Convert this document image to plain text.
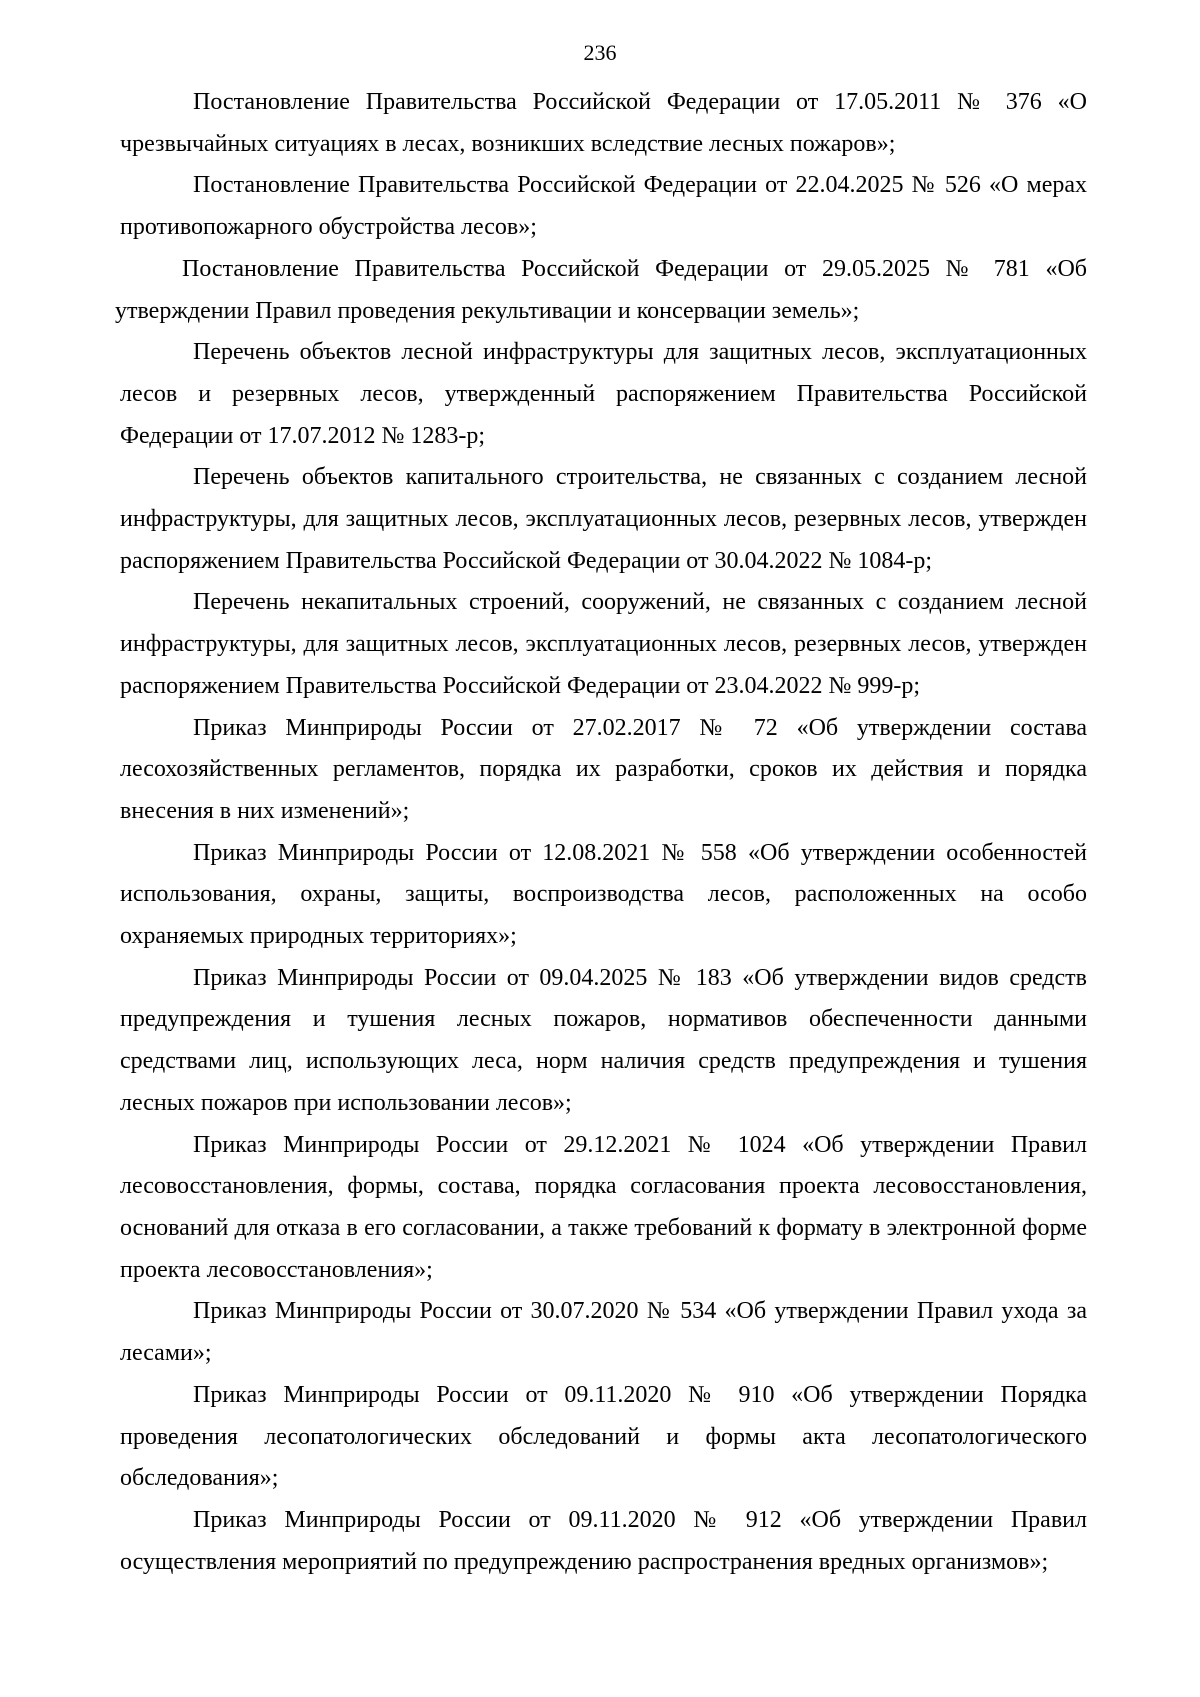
236

Постановление Правительства Российской Федерации от 17.05.2011 № 376 «О чрезвычайных ситуациях в лесах, возникших вследствие лесных пожаров»;

Постановление Правительства Российской Федерации от 22.04.2025 № 526 «О мерах противопожарного обустройства лесов»;

Постановление Правительства Российской Федерации от 29.05.2025 № 781 «Об утверждении Правил проведения рекультивации и консервации земель»;

Перечень объектов лесной инфраструктуры для защитных лесов, эксплуатационных лесов и резервных лесов, утвержденный распоряжением Правительства Российской Федерации от 17.07.2012 № 1283-р;

Перечень объектов капитального строительства, не связанных с созданием лесной инфраструктуры, для защитных лесов, эксплуатационных лесов, резервных лесов, утвержден распоряжением Правительства Российской Федерации от 30.04.2022 № 1084-р;

Перечень некапитальных строений, сооружений, не связанных с созданием лесной инфраструктуры, для защитных лесов, эксплуатационных лесов, резервных лесов, утвержден распоряжением Правительства Российской Федерации от 23.04.2022 № 999-р;

Приказ Минприроды России от 27.02.2017 № 72 «Об утверждении состава лесохозяйственных регламентов, порядка их разработки, сроков их действия и порядка внесения в них изменений»;

Приказ Минприроды России от 12.08.2021 № 558 «Об утверждении особенностей использования, охраны, защиты, воспроизводства лесов, расположенных на особо охраняемых природных территориях»;

Приказ Минприроды России от 09.04.2025 № 183 «Об утверждении видов средств предупреждения и тушения лесных пожаров, нормативов обеспеченности данными средствами лиц, использующих леса, норм наличия средств предупреждения и тушения лесных пожаров при использовании лесов»;

Приказ Минприроды России от 29.12.2021 № 1024 «Об утверждении Правил лесовосстановления, формы, состава, порядка согласования проекта лесовосстановления, оснований для отказа в его согласовании, а также требований к формату в электронной форме проекта лесовосстановления»;

Приказ Минприроды России от 30.07.2020 № 534 «Об утверждении Правил ухода за лесами»;

Приказ Минприроды России от 09.11.2020 № 910 «Об утверждении Порядка проведения лесопатологических обследований и формы акта лесопатологического обследования»;

Приказ Минприроды России от 09.11.2020 № 912 «Об утверждении Правил осуществления мероприятий по предупреждению распространения вредных организмов»;
